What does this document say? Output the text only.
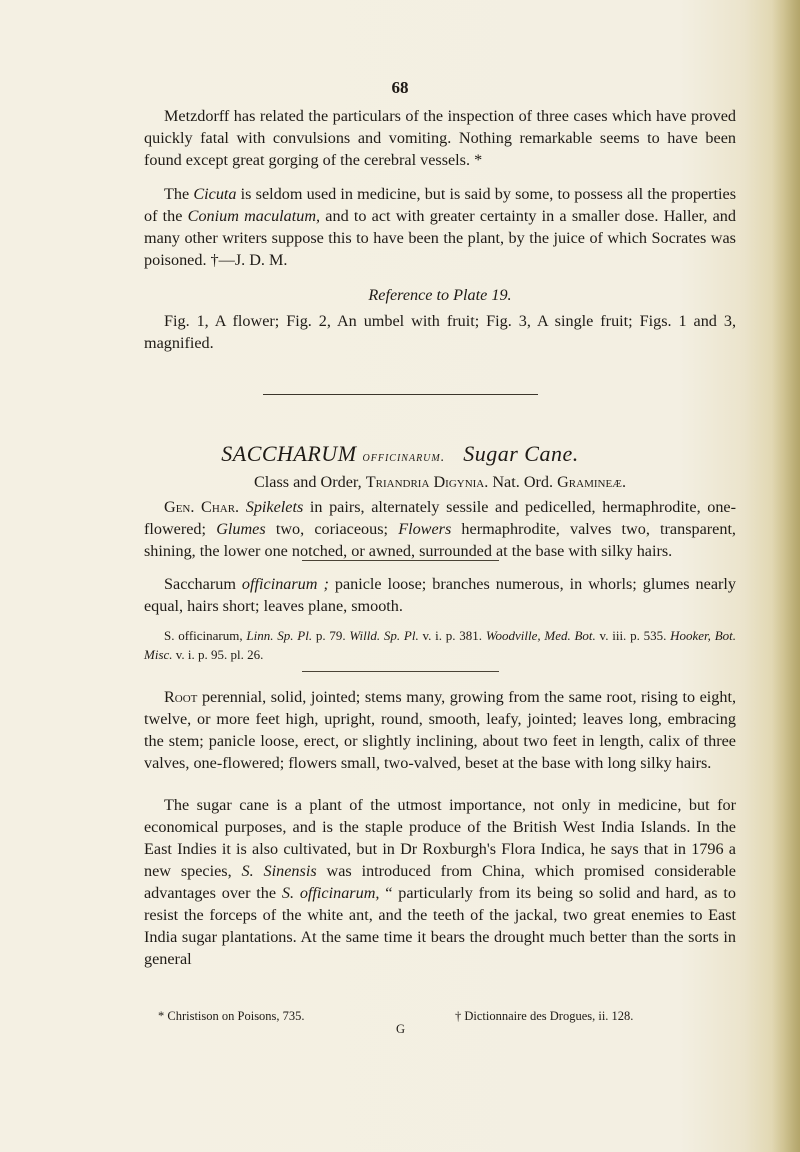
68

Metzdorff has related the particulars of the inspection of three cases which have proved quickly fatal with convulsions and vomiting. Nothing remarkable seems to have been found except great gorging of the cerebral vessels. *

The Cicuta is seldom used in medicine, but is said by some, to possess all the properties of the Conium maculatum, and to act with greater certainty in a smaller dose. Haller, and many other writers suppose this to have been the plant, by the juice of which Socrates was poisoned. †—J. D. M.

Reference to Plate 19.

Fig. 1, A flower; Fig. 2, An umbel with fruit; Fig. 3, A single fruit; Figs. 1 and 3, magnified.

SACCHARUM officinarum. Sugar Cane.

Class and Order, Triandria Digynia. Nat. Ord. Gramineæ.

Gen. Char. Spikelets in pairs, alternately sessile and pedicelled, hermaphrodite, one-flowered; Glumes two, coriaceous; Flowers hermaphrodite, valves two, transparent, shining, the lower one notched, or awned, surrounded at the base with silky hairs.

Saccharum officinarum ; panicle loose; branches numerous, in whorls; glumes nearly equal, hairs short; leaves plane, smooth.

S. officinarum, Linn. Sp. Pl. p. 79. Willd. Sp. Pl. v. i. p. 381. Woodville, Med. Bot. v. iii. p. 535. Hooker, Bot. Misc. v. i. p. 95. pl. 26.

Root perennial, solid, jointed; stems many, growing from the same root, rising to eight, twelve, or more feet high, upright, round, smooth, leafy, jointed; leaves long, embracing the stem; panicle loose, erect, or slightly inclining, about two feet in length, calix of three valves, one-flowered; flowers small, two-valved, beset at the base with long silky hairs.

The sugar cane is a plant of the utmost importance, not only in medicine, but for economical purposes, and is the staple produce of the British West India Islands. In the East Indies it is also cultivated, but in Dr Roxburgh's Flora Indica, he says that in 1796 a new species, S. Sinensis was introduced from China, which promised considerable advantages over the S. officinarum, “ particularly from its being so solid and hard, as to resist the forceps of the white ant, and the teeth of the jackal, two great enemies to East India sugar plantations. At the same time it bears the drought much better than the sorts in general

* Christison on Poisons, 735.	† Dictionnaire des Drogues, ii. 128.
G
